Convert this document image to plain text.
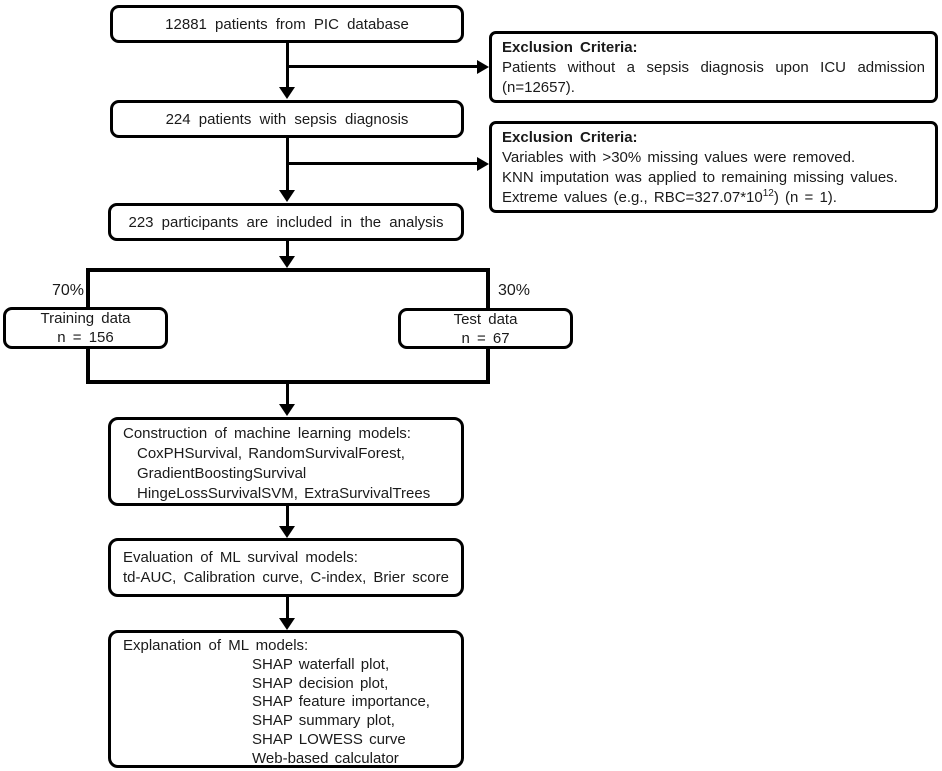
12881 patients from PIC database
Exclusion Criteria:
Patients without a sepsis diagnosis upon ICU admission (n=12657).
224 patients with sepsis diagnosis
Exclusion Criteria:
Variables with >30% missing values were removed.
KNN imputation was applied to remaining missing values.
Extreme values (e.g., $RBC=327.07*10^{12}$) (n = 1).
223 participants are included in the analysis
70%	30%
Training data
n = 156
Test data
n = 67
Construction of machine learning models:
CoxPHSurvival, RandomSurvivalForest,
GradientBoostingSurvival
HingeLossSurvivalSVM, ExtraSurvivalTrees
Evaluation of ML survival models:
td-AUC, Calibration curve, C-index, Brier score
Explanation of ML models:
SHAP waterfall plot,
SHAP decision plot,
SHAP feature importance,
SHAP summary plot,
SHAP LOWESS curve
Web-based calculator
